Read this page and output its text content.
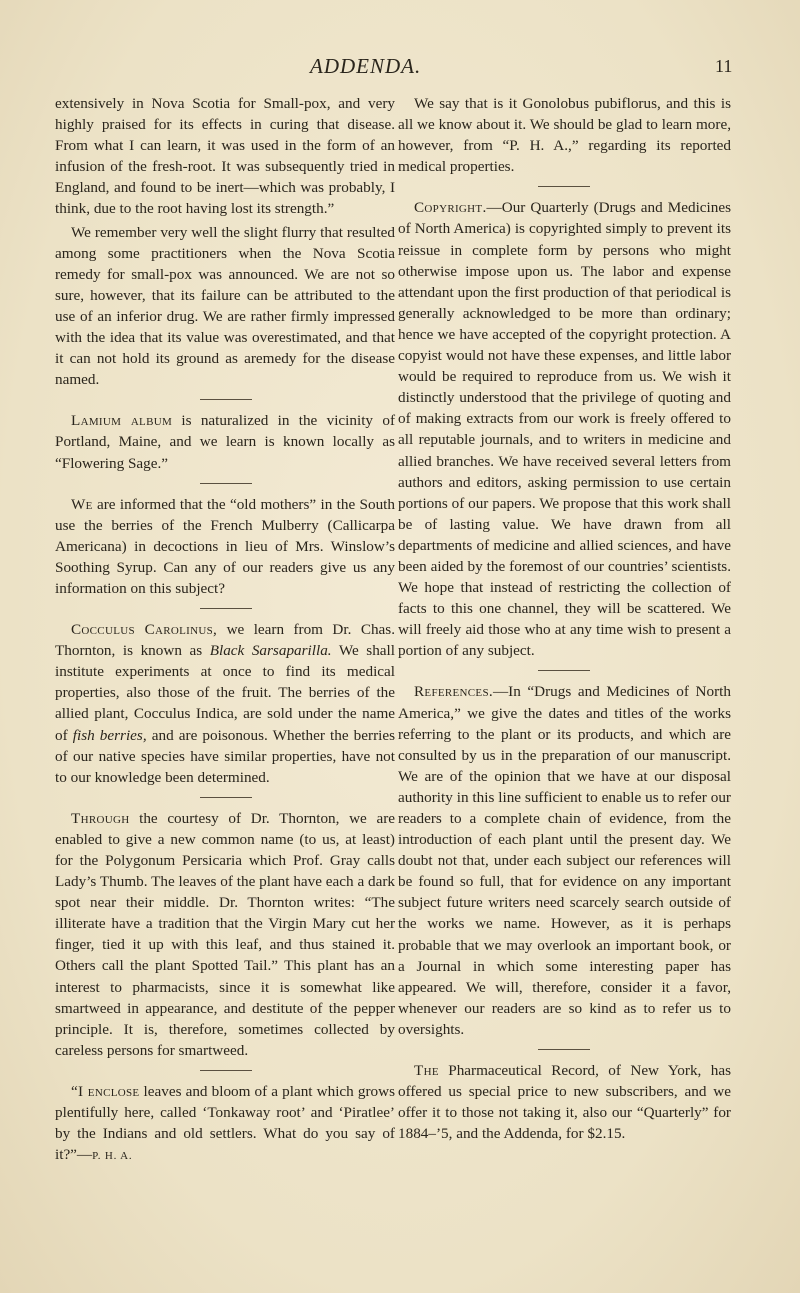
ADDENDA.	11

extensively in Nova Scotia for Small-pox, and very highly praised for its effects in curing that disease. From what I can learn, it was used in the form of an infusion of the fresh-root. It was subsequently tried in England, and found to be inert—which was probably, I think, due to the root having lost its strength.”

We remember very well the slight flurry that resulted among some practitioners when the Nova Scotia remedy for small-pox was announced. We are not so sure, however, that its failure can be attributed to the use of an inferior drug. We are rather firmly impressed with the idea that its value was overestimated, and that it can not hold its ground as aremedy for the disease named.

Lamium album is naturalized in the vicinity of Portland, Maine, and we learn is known locally as “Flowering Sage.”

We are informed that the “old mothers” in the South use the berries of the French Mulberry (Callicarpa Americana) in decoctions in lieu of Mrs. Winslow’s Soothing Syrup. Can any of our readers give us any information on this subject?

Cocculus Carolinus, we learn from Dr. Chas. Thornton, is known as Black Sarsaparilla. We shall institute experiments at once to find its medical properties, also those of the fruit. The berries of the allied plant, Cocculus Indica, are sold under the name of fish berries, and are poisonous. Whether the berries of our native species have similar properties, have not to our knowledge been determined.

Through the courtesy of Dr. Thornton, we are enabled to give a new common name (to us, at least) for the Polygonum Persicaria which Prof. Gray calls Lady’s Thumb. The leaves of the plant have each a dark spot near their middle. Dr. Thornton writes: “The illiterate have a tradition that the Virgin Mary cut her finger, tied it up with this leaf, and thus stained it. Others call the plant Spotted Tail.” This plant has an interest to pharmacists, since it is somewhat like smartweed in appearance, and destitute of the pepper principle. It is, therefore, sometimes collected by careless persons for smartweed.

“I enclose leaves and bloom of a plant which grows plentifully here, called ‘Tonkaway root’ and ‘Piratlee’ by the Indians and old settlers. What do you say of it?”—P. H. A.

We say that is it Gonolobus pubiflorus, and this is all we know about it. We should be glad to learn more, however, from “P. H. A.,” regarding its reported medical properties.

Copyright.—Our Quarterly (Drugs and Medicines of North America) is copyrighted simply to prevent its reissue in complete form by persons who might otherwise impose upon us. The labor and expense attendant upon the first production of that periodical is generally acknowledged to be more than ordinary; hence we have accepted of the copyright protection. A copyist would not have these expenses, and little labor would be required to reproduce from us. We wish it distinctly understood that the privilege of quoting and of making extracts from our work is freely offered to all reputable journals, and to writers in medicine and allied branches. We have received several letters from authors and editors, asking permission to use certain portions of our papers. We propose that this work shall be of lasting value. We have drawn from all departments of medicine and allied sciences, and have been aided by the foremost of our countries’ scientists. We hope that instead of restricting the collection of facts to this one channel, they will be scattered. We will freely aid those who at any time wish to present a portion of any subject.

References.—In “Drugs and Medicines of North America,” we give the dates and titles of the works referring to the plant or its products, and which are consulted by us in the preparation of our manuscript. We are of the opinion that we have at our disposal authority in this line sufficient to enable us to refer our readers to a complete chain of evidence, from the introduction of each plant until the present day. We doubt not that, under each subject our references will be found so full, that for evidence on any important subject future writers need scarcely search outside of the works we name. However, as it is perhaps probable that we may overlook an important book, or a Journal in which some interesting paper has appeared. We will, therefore, consider it a favor, whenever our readers are so kind as to refer us to oversights.

The Pharmaceutical Record, of New York, has offered us special price to new subscribers, and we offer it to those not taking it, also our “Quarterly” for 1884–’5, and the Addenda, for $2.15.
